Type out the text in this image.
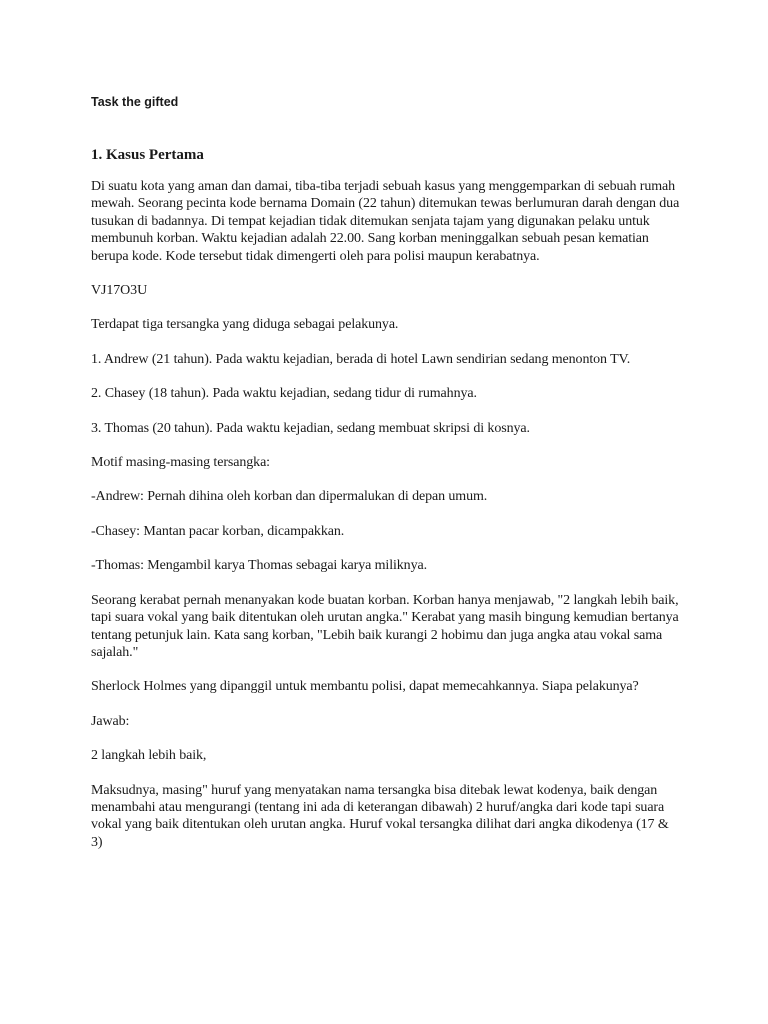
Task the gifted
1. Kasus Pertama

Di suatu kota yang aman dan damai, tiba-tiba terjadi sebuah kasus yang menggemparkan di sebuah rumah mewah. Seorang pecinta kode bernama Domain (22 tahun) ditemukan tewas berlumuran darah dengan dua tusukan di badannya. Di tempat kejadian tidak ditemukan senjata tajam yang digunakan pelaku untuk membunuh korban. Waktu kejadian adalah 22.00. Sang korban meninggalkan sebuah pesan kematian berupa kode. Kode tersebut tidak dimengerti oleh para polisi maupun kerabatnya.

VJ17O3U

Terdapat tiga tersangka yang diduga sebagai pelakunya.

1. Andrew (21 tahun). Pada waktu kejadian, berada di hotel Lawn sendirian sedang menonton TV.

2. Chasey (18 tahun). Pada waktu kejadian, sedang tidur di rumahnya.

3. Thomas (20 tahun). Pada waktu kejadian, sedang membuat skripsi di kosnya.

Motif masing-masing tersangka:

-Andrew: Pernah dihina oleh korban dan dipermalukan di depan umum.

-Chasey: Mantan pacar korban, dicampakkan.

-Thomas: Mengambil karya Thomas sebagai karya miliknya.

Seorang kerabat pernah menanyakan kode buatan korban. Korban hanya menjawab, "2 langkah lebih baik, tapi suara vokal yang baik ditentukan oleh urutan angka." Kerabat yang masih bingung kemudian bertanya tentang petunjuk lain. Kata sang korban, "Lebih baik kurangi 2 hobimu dan juga angka atau vokal sama sajalah."

Sherlock Holmes yang dipanggil untuk membantu polisi, dapat memecahkannya. Siapa pelakunya?

Jawab:

2 langkah lebih baik,

Maksudnya, masing" huruf yang menyatakan nama tersangka bisa ditebak lewat kodenya, baik dengan menambahi atau mengurangi (tentang ini ada di keterangan dibawah) 2 huruf/angka dari kode tapi suara vokal yang baik ditentukan oleh urutan angka. Huruf vokal tersangka dilihat dari angka dikodenya (17 & 3)
